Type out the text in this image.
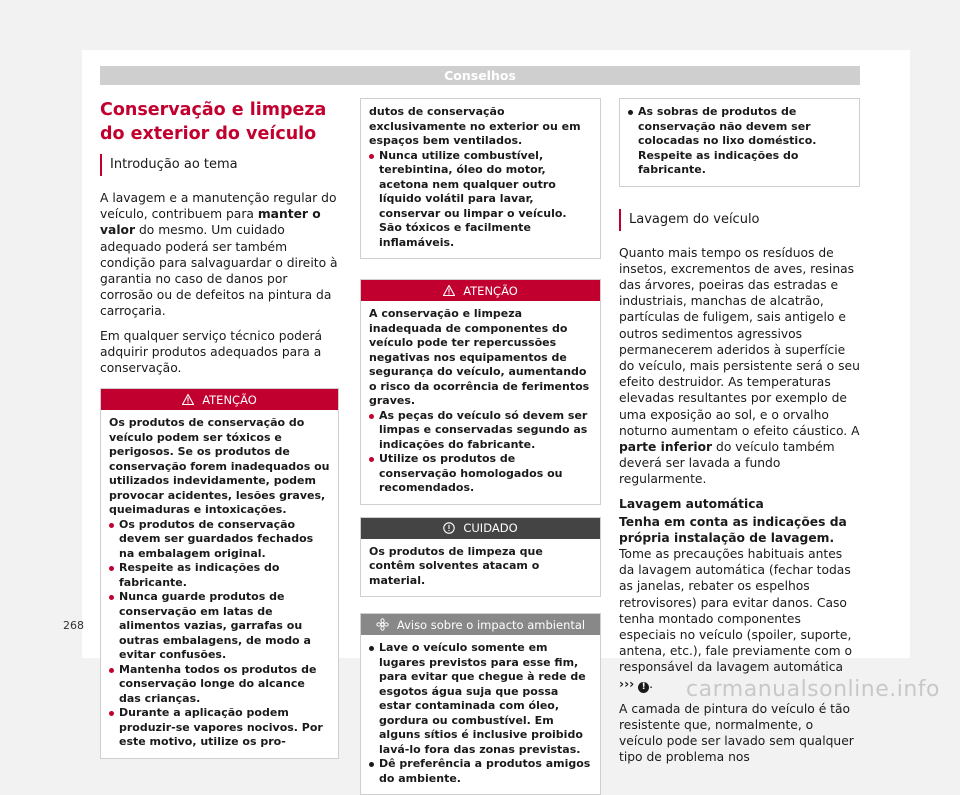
Conselhos
Conservação e limpeza do exterior do veículo
Introdução ao tema

A lavagem e a manutenção regular do veículo, contribuem para manter o valor do mesmo. Um cuidado adequado poderá ser também condição para salvaguardar o direito à garantia no caso de danos por corrosão ou de defeitos na pintura da carroçaria.

Em qualquer serviço técnico poderá adquirir produtos adequados para a conservação.

ATENÇÃO

Os produtos de conservação do veículo podem ser tóxicos e perigosos. Se os produtos de conservação forem inadequados ou utilizados indevidamente, podem provocar acidentes, lesões graves, queimaduras e intoxicações.

Os produtos de conservação devem ser guardados fechados na embalagem original.

Respeite as indicações do fabricante.

Nunca guarde produtos de conservação em latas de alimentos vazias, garrafas ou outras embalagens, de modo a evitar confusões.

Mantenha todos os produtos de conservação longe do alcance das crianças.

Durante a aplicação podem produzir-se vapores nocivos. Por este motivo, utilize os pro-

dutos de conservação exclusivamente no exterior ou em espaços bem ventilados.

Nunca utilize combustível, terebintina, óleo do motor, acetona nem qualquer outro líquido volátil para lavar, conservar ou limpar o veículo. São tóxicos e facilmente inflamáveis.

ATENÇÃO

A conservação e limpeza inadequada de componentes do veículo pode ter repercussões negativas nos equipamentos de segurança do veículo, aumentando o risco da ocorrência de ferimentos graves.

As peças do veículo só devem ser limpas e conservadas segundo as indicações do fabricante.

Utilize os produtos de conservação homologados ou recomendados.

CUIDADO

Os produtos de limpeza que contêm solventes atacam o material.

Aviso sobre o impacto ambiental

Lave o veículo somente em lugares previstos para esse fim, para evitar que chegue à rede de esgotos água suja que possa estar contaminada com óleo, gordura ou combustível. Em alguns sítios é inclusive proibido lavá-lo fora das zonas previstas.

Dê preferência a produtos amigos do ambiente.

As sobras de produtos de conservação não devem ser colocadas no lixo doméstico. Respeite as indicações do fabricante.

Lavagem do veículo

Quanto mais tempo os resíduos de insetos, excrementos de aves, resinas das árvores, poeiras das estradas e industriais, manchas de alcatrão, partículas de fuligem, sais antigelo e outros sedimentos agressivos permanecerem aderidos à superfície do veículo, mais persistente será o seu efeito destruidor. As temperaturas elevadas resultantes por exemplo de uma exposição ao sol, e o orvalho noturno aumentam o efeito cáustico. A parte inferior do veículo também deverá ser lavada a fundo regularmente.

Lavagem automática

Tenha em conta as indicações da própria instalação de lavagem. Tome as precauções habituais antes da lavagem automática (fechar todas as janelas, rebater os espelhos retrovisores) para evitar danos. Caso tenha montado componentes especiais no veículo (spoiler, suporte, antena, etc.), fale previamente com o responsável da lavagem automática ››› ! .

A camada de pintura do veículo é tão resistente que, normalmente, o veículo pode ser lavado sem qualquer tipo de problema nos

268
carmanualsonline.info
